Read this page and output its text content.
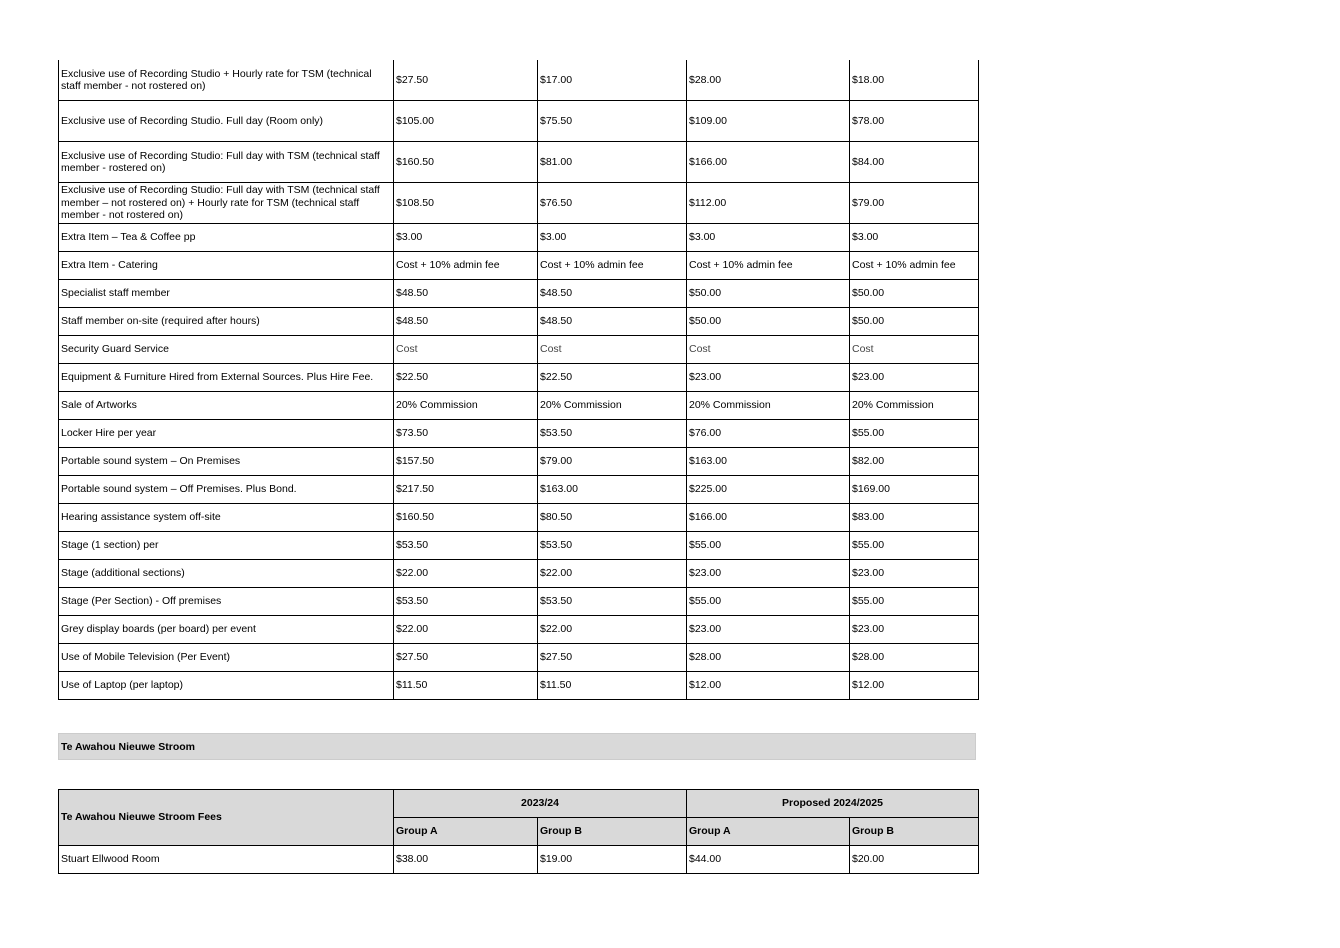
Exclusive use of Recording Studio + Hourly rate for TSM (technical staff member - not rostered on)	$27.50	$17.00	$28.00	$18.00
Exclusive use of Recording Studio. Full day (Room only)	$105.00	$75.50	$109.00	$78.00
Exclusive use of Recording Studio: Full day with TSM (technical staff member - rostered on)	$160.50	$81.00	$166.00	$84.00
Exclusive use of Recording Studio: Full day with TSM (technical staff member – not rostered on) + Hourly rate for TSM (technical staff member - not rostered on)	$108.50	$76.50	$112.00	$79.00
Extra Item – Tea & Coffee pp	$3.00	$3.00	$3.00	$3.00
Extra Item - Catering	Cost + 10% admin fee	Cost + 10% admin fee	Cost + 10% admin fee	Cost + 10% admin fee
Specialist staff member	$48.50	$48.50	$50.00	$50.00
Staff member on-site (required after hours)	$48.50	$48.50	$50.00	$50.00
Security Guard Service	Cost	Cost	Cost	Cost
Equipment & Furniture Hired from External Sources. Plus Hire Fee.	$22.50	$22.50	$23.00	$23.00
Sale of Artworks	20% Commission	20% Commission	20% Commission	20% Commission
Locker Hire per year	$73.50	$53.50	$76.00	$55.00
Portable sound system – On Premises	$157.50	$79.00	$163.00	$82.00
Portable sound system – Off Premises. Plus Bond.	$217.50	$163.00	$225.00	$169.00
Hearing assistance system off-site	$160.50	$80.50	$166.00	$83.00
Stage (1 section) per	$53.50	$53.50	$55.00	$55.00
Stage (additional sections)	$22.00	$22.00	$23.00	$23.00
Stage (Per Section) - Off premises	$53.50	$53.50	$55.00	$55.00
Grey display boards (per board) per event	$22.00	$22.00	$23.00	$23.00
Use of Mobile Television (Per Event)	$27.50	$27.50	$28.00	$28.00
Use of Laptop (per laptop)	$11.50	$11.50	$12.00	$12.00
Te Awahou Nieuwe Stroom
Te Awahou Nieuwe Stroom Fees	2023/24		Proposed 2024/2025	
	Group A	Group B	Group A	Group B
Stuart Ellwood Room	$38.00	$19.00	$44.00	$20.00
